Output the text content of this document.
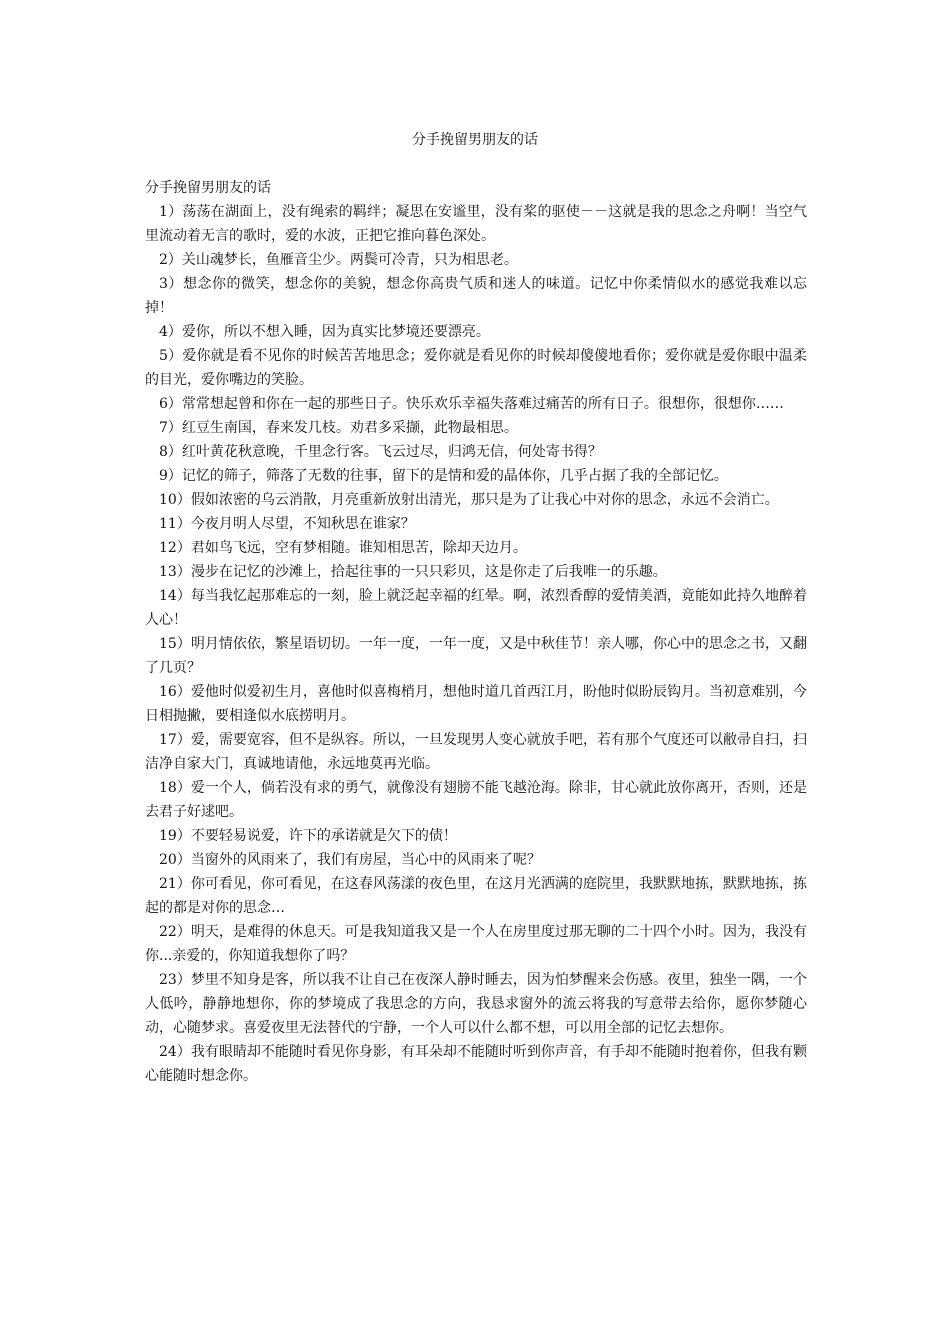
分手挽留男朋友的话

分手挽留男朋友的话

1）荡荡在湖面上，没有绳索的羁绊；凝思在安谧里，没有桨的驱使－－这就是我的思念之舟啊！当空气里流动着无言的歌时，爱的水波，正把它推向暮色深处。

2）关山魂梦长，鱼雁音尘少。两鬓可冷青，只为相思老。

3）想念你的微笑，想念你的美貌，想念你高贵气质和迷人的味道。记忆中你柔情似水的感觉我难以忘掉！

4）爱你，所以不想入睡，因为真实比梦境还要漂亮。

5）爱你就是看不见你的时候苦苦地思念；爱你就是看见你的时候却傻傻地看你；爱你就是爱你眼中温柔的目光，爱你嘴边的笑脸。

6）常常想起曾和你在一起的那些日子。快乐欢乐幸福失落难过痛苦的所有日子。很想你，很想你……

7）红豆生南国，春来发几枝。劝君多采撷，此物最相思。

8）红叶黄花秋意晚，千里念行客。飞云过尽，归鸿无信，何处寄书得？

9）记忆的筛子，筛落了无数的往事，留下的是情和爱的晶体你，几乎占据了我的全部记忆。

10）假如浓密的乌云消散，月亮重新放射出清光，那只是为了让我心中对你的思念，永远不会消亡。

11）今夜月明人尽望，不知秋思在谁家？

12）君如鸟飞远，空有梦相随。谁知相思苦，除却天边月。

13）漫步在记忆的沙滩上，拾起往事的一只只彩贝，这是你走了后我唯一的乐趣。

14）每当我忆起那难忘的一刻，脸上就泛起幸福的红晕。啊，浓烈香醇的爱情美酒，竟能如此持久地醉着人心！

15）明月情依依，繁星语切切。一年一度，一年一度，又是中秋佳节！亲人哪，你心中的思念之书，又翻了几页？

16）爱他时似爱初生月，喜他时似喜梅梢月，想他时道几首西江月，盼他时似盼辰钩月。当初意难别，今日相抛撇，要相逢似水底捞明月。

17）爱，需要宽容，但不是纵容。所以，一旦发现男人变心就放手吧，若有那个气度还可以敝帚自扫，扫洁净自家大门，真诚地请他，永远地莫再光临。

18）爱一个人，倘若没有求的勇气，就像没有翅膀不能飞越沧海。除非，甘心就此放你离开，否则，还是去君子好逑吧。

19）不要轻易说爱，许下的承诺就是欠下的债！

20）当窗外的风雨来了，我们有房屋，当心中的风雨来了呢？

21）你可看见，你可看见，在这春风荡漾的夜色里，在这月光洒满的庭院里，我默默地拣，默默地拣，拣起的都是对你的思念…

22）明天，是难得的休息天。可是我知道我又是一个人在房里度过那无聊的二十四个小时。因为，我没有你...亲爱的，你知道我想你了吗？

23）梦里不知身是客，所以我不让自己在夜深人静时睡去，因为怕梦醒来会伤感。夜里，独坐一隅，一个人低吟，静静地想你，你的梦境成了我思念的方向，我恳求窗外的流云将我的写意带去给你，愿你梦随心动，心随梦求。喜爱夜里无法替代的宁静，一个人可以什么都不想，可以用全部的记忆去想你。

24）我有眼睛却不能随时看见你身影，有耳朵却不能随时听到你声音，有手却不能随时抱着你，但我有颗心能随时想念你。
